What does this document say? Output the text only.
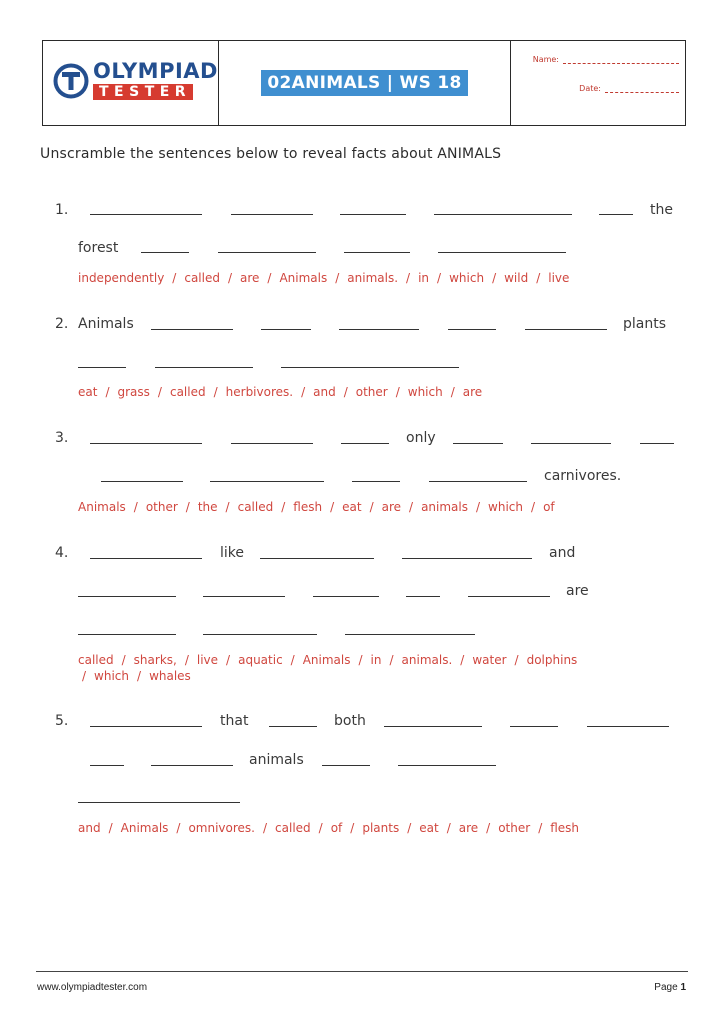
OLYMPIAD
TESTER	02ANIMALS | WS 18
Name:
Date:
Unscramble the sentences below to reveal facts about ANIMALS
1.	the
forest
independently / called / are / Animals / animals. / in / which / wild / live
2. Animals	plants
eat / grass / called / herbivores. / and / other / which / are
3.	only
carnivores.
Animals / other / the / called / flesh / eat / are / animals / which / of
4.	like	and
are
called / sharks, / live / aquatic / Animals / in / animals. / water / dolphins / which / whales
5.	that	both
animals
and / Animals / omnivores. / called / of / plants / eat / are / other / flesh
www.olympiadtester.com	Page 1
